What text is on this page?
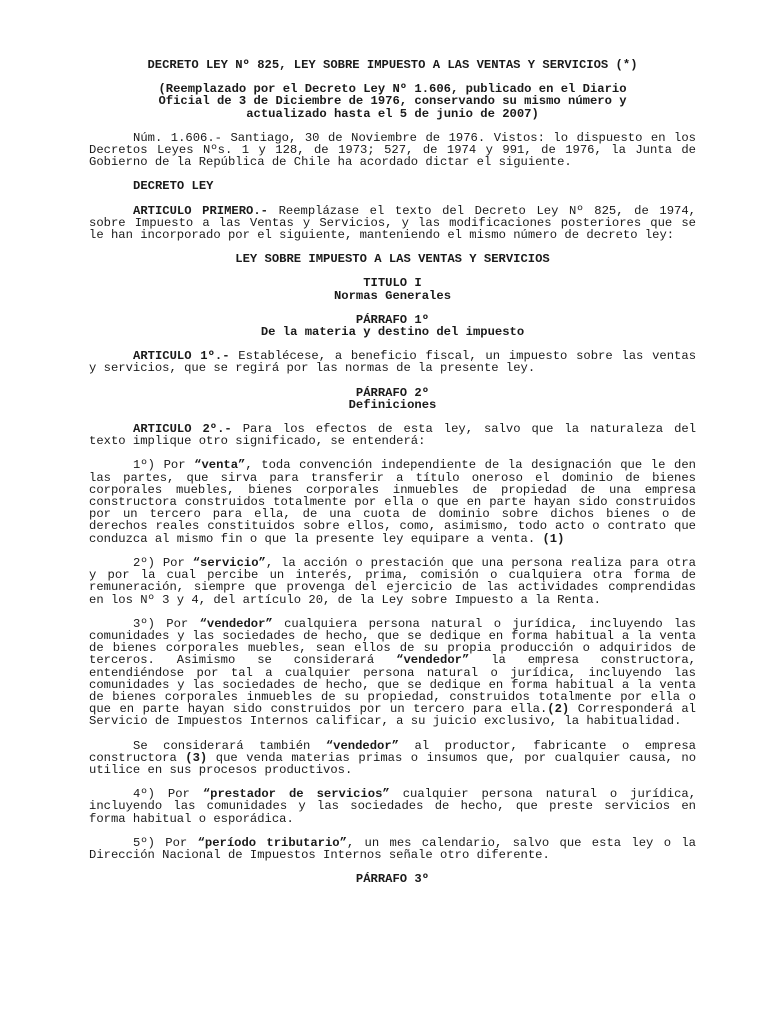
DECRETO LEY Nº 825, LEY SOBRE IMPUESTO A LAS VENTAS Y SERVICIOS (*)

(Reemplazado por el Decreto Ley Nº 1.606, publicado en el Diario

Oficial de 3 de Diciembre de 1976, conservando su mismo número y

actualizado hasta el 5 de junio de 2007)

Núm. 1.606.- Santiago, 30 de Noviembre de 1976. Vistos: lo dispuesto en los Decretos Leyes Nºs. 1 y 128, de 1973; 527, de 1974 y 991, de 1976, la Junta de Gobierno de la República de Chile ha acordado dictar el siguiente.

DECRETO LEY

ARTICULO PRIMERO.- Reemplázase el texto del Decreto Ley Nº 825, de 1974, sobre Impuesto a las Ventas y Servicios, y las modificaciones posteriores que se le han incorporado por el siguiente, manteniendo el mismo número de decreto ley:

LEY SOBRE IMPUESTO A LAS VENTAS Y SERVICIOS

TITULO I

Normas Generales

PÁRRAFO 1º

De la materia y destino del impuesto

ARTICULO 1º.- Establécese, a beneficio fiscal, un impuesto sobre las ventas y servicios, que se regirá por las normas de la presente ley.

PÁRRAFO 2º

Definiciones

ARTICULO 2º.- Para los efectos de esta ley, salvo que la naturaleza del texto implique otro significado, se entenderá:

1º) Por “venta”, toda convención independiente de la designación que le den las partes, que sirva para transferir a título oneroso el dominio de bienes corporales muebles, bienes corporales inmuebles de propiedad de una empresa constructora construidos totalmente por ella o que en parte hayan sido construidos por un tercero para ella, de una cuota de dominio sobre dichos bienes o de derechos reales constituidos sobre ellos, como, asimismo, todo acto o contrato que conduzca al mismo fin o que la presente ley equipare a venta. (1)

2º) Por “servicio”, la acción o prestación que una persona realiza para otra y por la cual percibe un interés, prima, comisión o cualquiera otra forma de remuneración, siempre que provenga del ejercicio de las actividades comprendidas en los Nº 3 y 4, del artículo 20, de la Ley sobre Impuesto a la Renta.

3º) Por “vendedor” cualquiera persona natural o jurídica, incluyendo las comunidades y las sociedades de hecho, que se dedique en forma habitual a la venta de bienes corporales muebles, sean ellos de su propia producción o adquiridos de terceros. Asimismo se considerará “vendedor” la empresa constructora, entendiéndose por tal a cualquier persona natural o jurídica, incluyendo las comunidades y las sociedades de hecho, que se dedique en forma habitual a la venta de bienes corporales inmuebles de su propiedad, construidos totalmente por ella o que en parte hayan sido construidos por un tercero para ella.(2) Corresponderá al Servicio de Impuestos Internos calificar, a su juicio exclusivo, la habitualidad.

Se considerará también “vendedor” al productor, fabricante o empresa constructora (3) que venda materias primas o insumos que, por cualquier causa, no utilice en sus procesos productivos.

4º) Por “prestador de servicios” cualquier persona natural o jurídica, incluyendo las comunidades y las sociedades de hecho, que preste servicios en forma habitual o esporádica.

5º) Por “período tributario”, un mes calendario, salvo que esta ley o la Dirección Nacional de Impuestos Internos señale otro diferente.

PÁRRAFO 3º
